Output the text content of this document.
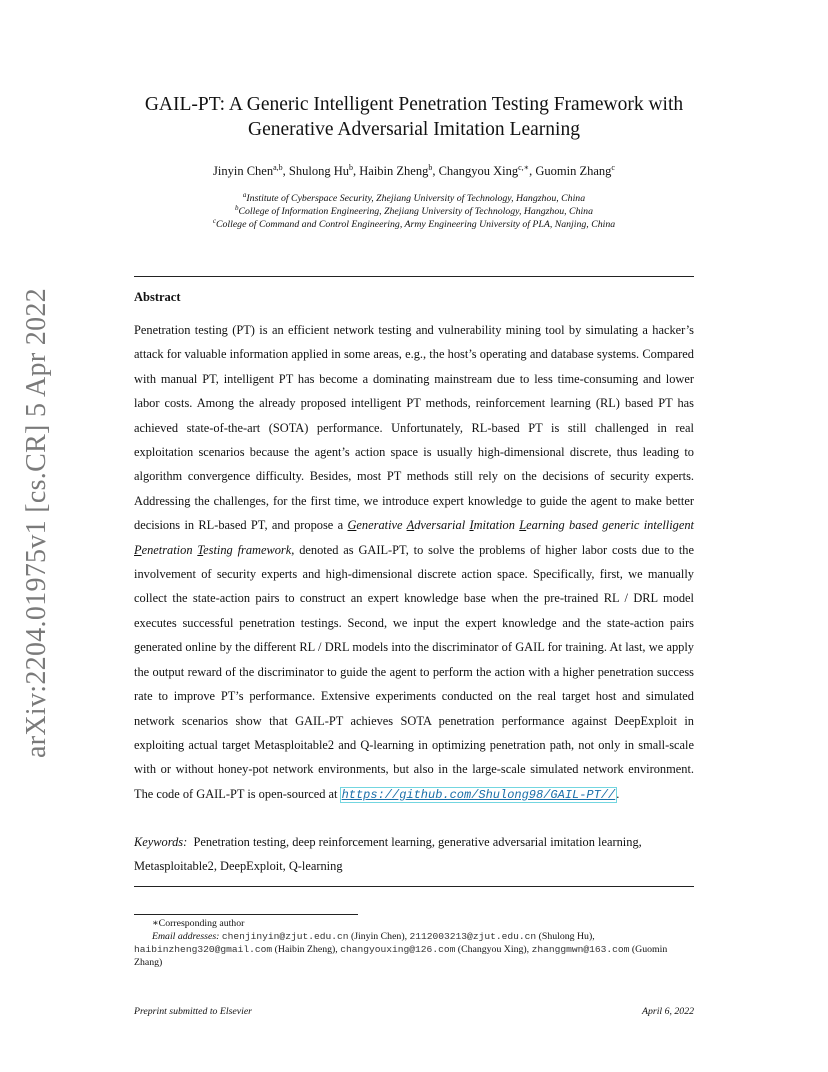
arXiv:2204.01975v1 [cs.CR] 5 Apr 2022
GAIL-PT: A Generic Intelligent Penetration Testing Framework with
Generative Adversarial Imitation Learning
Jinyin Chen$^{a,b}$, Shulong Hu$^b$, Haibin Zheng$^b$, Changyou Xing$^{c,∗}$, Guomin Zhang$^c$
$^a$Institute of Cyberspace Security, Zhejiang University of Technology, Hangzhou, China
$^b$College of Information Engineering, Zhejiang University of Technology, Hangzhou, China
$^c$College of Command and Control Engineering, Army Engineering University of PLA, Nanjing, China
Abstract

Penetration testing (PT) is an efficient network testing and vulnerability mining tool by simulating a hacker’s attack for valuable information applied in some areas, e.g., the host’s operating and database systems. Compared with manual PT, intelligent PT has become a dominating mainstream due to less time-consuming and lower labor costs. Among the already proposed intelligent PT methods, reinforcement learning (RL) based PT has achieved state-of-the-art (SOTA) performance. Unfortunately, RL-based PT is still challenged in real exploitation scenarios because the agent’s action space is usually high-dimensional discrete, thus leading to algorithm convergence difficulty. Besides, most PT methods still rely on the decisions of security experts. Addressing the challenges, for the first time, we introduce expert knowledge to guide the agent to make better decisions in RL-based PT, and propose a Generative Adversarial Imitation Learning based generic intelligent Penetration Testing framework, denoted as GAIL-PT, to solve the problems of higher labor costs due to the involvement of security experts and high-dimensional discrete action space. Specifically, first, we manually collect the state-action pairs to construct an expert knowledge base when the pre-trained RL / DRL model executes successful penetration testings. Second, we input the expert knowledge and the state-action pairs generated online by the different RL / DRL models into the discriminator of GAIL for training. At last, we apply the output reward of the discriminator to guide the agent to perform the action with a higher penetration success rate to improve PT’s performance. Extensive experiments conducted on the real target host and simulated network scenarios show that GAIL-PT achieves SOTA penetration performance against DeepExploit in exploiting actual target Metasploitable2 and Q-learning in optimizing penetration path, not only in small-scale with or without honey-pot network environments, but also in the large-scale simulated network environment. The code of GAIL-PT is open-sourced at https://github.com/Shulong98/GAIL-PT//.

Keywords: Penetration testing, deep reinforcement learning, generative adversarial imitation learning, Metasploitable2, DeepExploit, Q-learning

∗Corresponding author
Email addresses: chenjinyin@zjut.edu.cn (Jinyin Chen), 2112003213@zjut.edu.cn (Shulong Hu), haibinzheng320@gmail.com (Haibin Zheng), changyouxing@126.com (Changyou Xing), zhanggmwn@163.com (Guomin Zhang)
Preprint submitted to Elsevier	April 6, 2022
